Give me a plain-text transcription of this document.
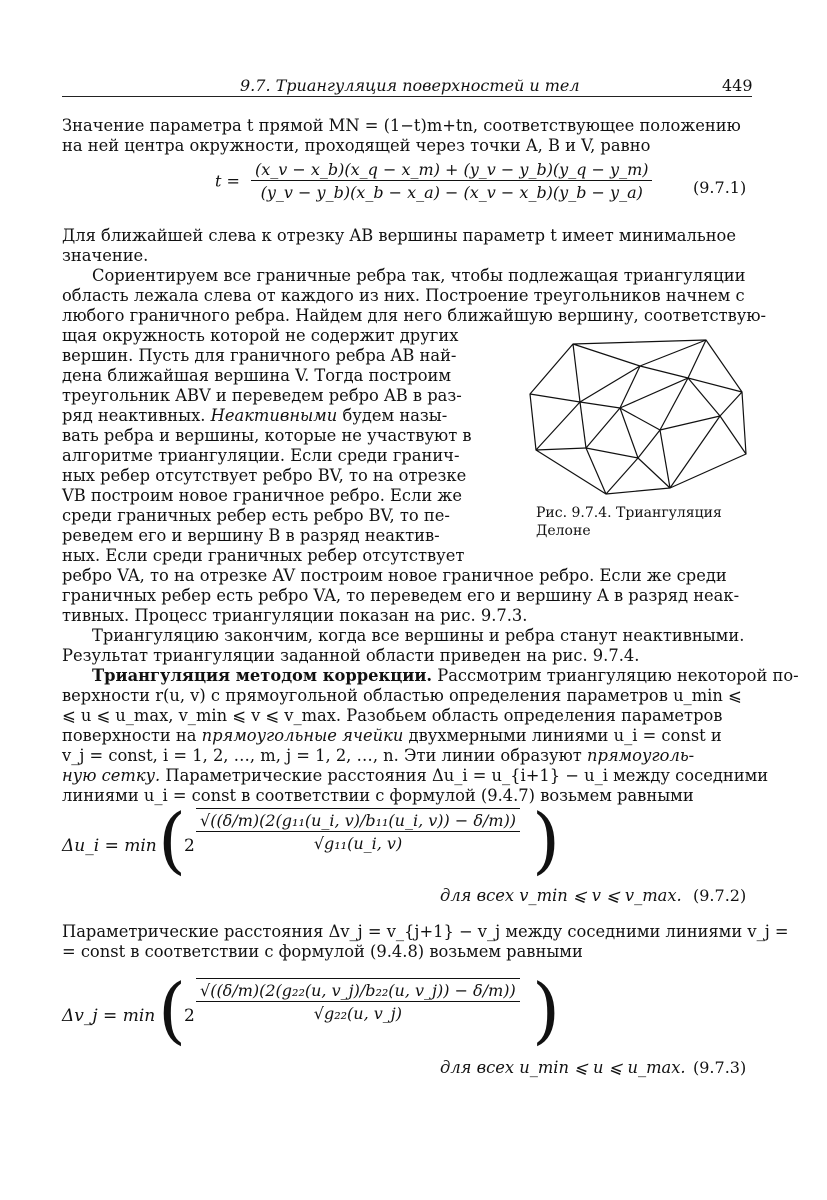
9.7. Триангуляция поверхностей и тел	449
Значение параметра t прямой MN = (1−t)m+tn, соответствующее положению
на ней центра окружности, проходящей через точки A, B и V, равно
$t = \frac{(x\_v - x\_b)(x\_q - x\_m) + (y\_v - y\_b)(y\_q - y\_m)}{(y\_v - y\_b)(x\_b - x\_a) - (x\_v - x\_b)(y\_b - y\_a)}$	(9.7.1)
Для ближайшей слева к отрезку AB вершины параметр t имеет минимальное
значение.
Сориентируем все граничные ребра так, чтобы подлежащая триангуляции
область лежала слева от каждого из них. Построение треугольников начнем с
любого граничного ребра. Найдем для него ближайшую вершину, соответствую-
щая окружность которой не содержит других
вершин. Пусть для граничного ребра AB най-
дена ближайшая вершина V. Тогда построим
треугольник ABV и переведем ребро AB в раз-
ряд неактивных. Неактивными будем назы-
вать ребра и вершины, которые не участвуют в
алгоритме триангуляции. Если среди гранич-
ных ребер отсутствует ребро BV, то на отрезке
VB построим новое граничное ребро. Если же
среди граничных ребер есть ребро BV, то пе-
реведем его и вершину B в разряд неактив-
ных. Если среди граничных ребер отсутствует
Рис. 9.7.4. Триангуляция Делоне
ребро VA, то на отрезке AV построим новое граничное ребро. Если же среди
граничных ребер есть ребро VA, то переведем его и вершину A в разряд неак-
тивных. Процесс триангуляции показан на рис. 9.7.3.
Триангуляцию закончим, когда все вершины и ребра станут неактивными.
Результат триангуляции заданной области приведен на рис. 9.7.4.
Триангуляция методом коррекции. Рассмотрим триангуляцию некоторой по-
верхности r(u, v) с прямоугольной областью определения параметров u_min ⩽
⩽ u ⩽ u_max, v_min ⩽ v ⩽ v_max. Разобьем область определения параметров
поверхности на прямоугольные ячейки двухмерными линиями u_i = const и
v_j = const, i = 1, 2, …, m, j = 1, 2, …, n. Эти линии образуют прямоуголь-
ную сетку. Параметрические расстояния Δu_i = u_{i+1} − u_i между соседними
линиями u_i = const в соответствии с формулой (9.4.7) возьмем равными
Δu_i = min (
$2 \frac{\text{√((δ/m)(2(g₁₁(u\_i, v)/b₁₁(u\_i, v)) − δ/m))}}{\text{√g₁₁(u\_i, v)}}$ )
для всех v_min ⩽ v ⩽ v_max. (9.7.2)
Параметрические расстояния Δv_j = v_{j+1} − v_j между соседними линиями v_j =
= const в соответствии с формулой (9.4.8) возьмем равными
Δv_j = min (
$2 \frac{\text{√((δ/m)(2(g₂₂(u, v\_j)/b₂₂(u, v\_j)) − δ/m))}}{\text{√g₂₂(u, v\_j)}}$ )
для всех u_min ⩽ u ⩽ u_max. (9.7.3)
